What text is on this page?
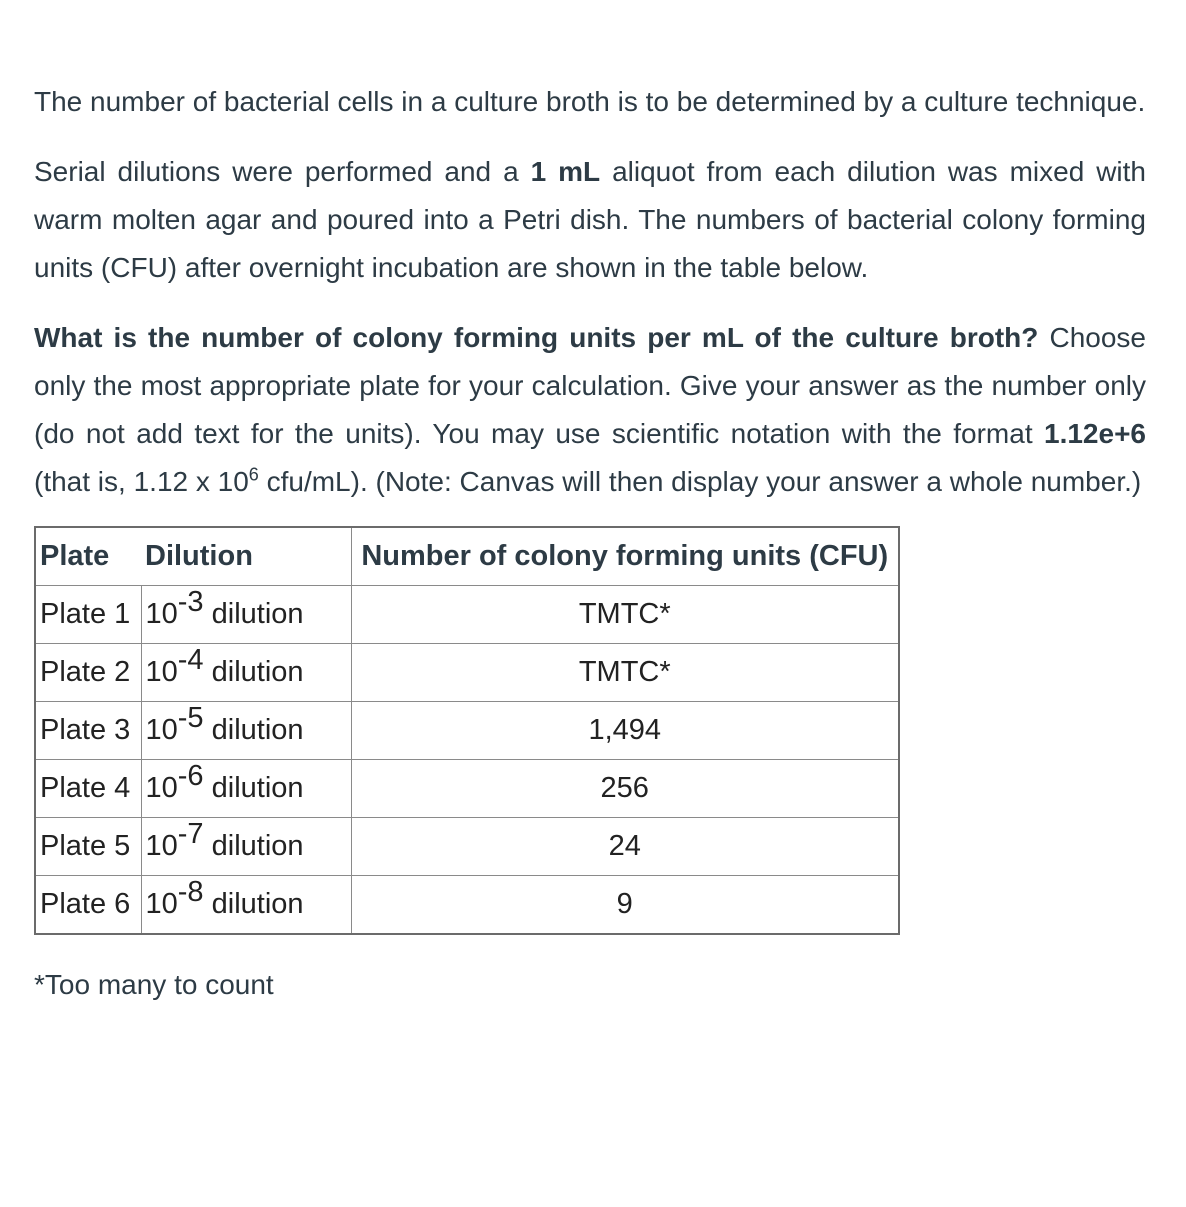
The number of bacterial cells in a culture broth is to be determined by a culture technique.

Serial dilutions were performed and a 1 mL aliquot from each dilution was mixed with warm molten agar and poured into a Petri dish. The numbers of bacterial colony forming units (CFU) after overnight incubation are shown in the table below.

What is the number of colony forming units per mL of the culture broth? Choose only the most appropriate plate for your calculation. Give your answer as the number only (do not add text for the units). You may use scientific notation with the format 1.12e+6 (that is, 1.12 x $10^6$ cfu/mL). (Note: Canvas will then display your answer a whole number.)

Plate	Dilution	Number of colony forming units (CFU)
Plate 1	10-3 dilution	TMTC*
Plate 2	10-4 dilution	TMTC*
Plate 3	10-5 dilution	1,494
Plate 4	10-6 dilution	256
Plate 5	10-7 dilution	24
Plate 6	10-8 dilution	9
*Too many to count
